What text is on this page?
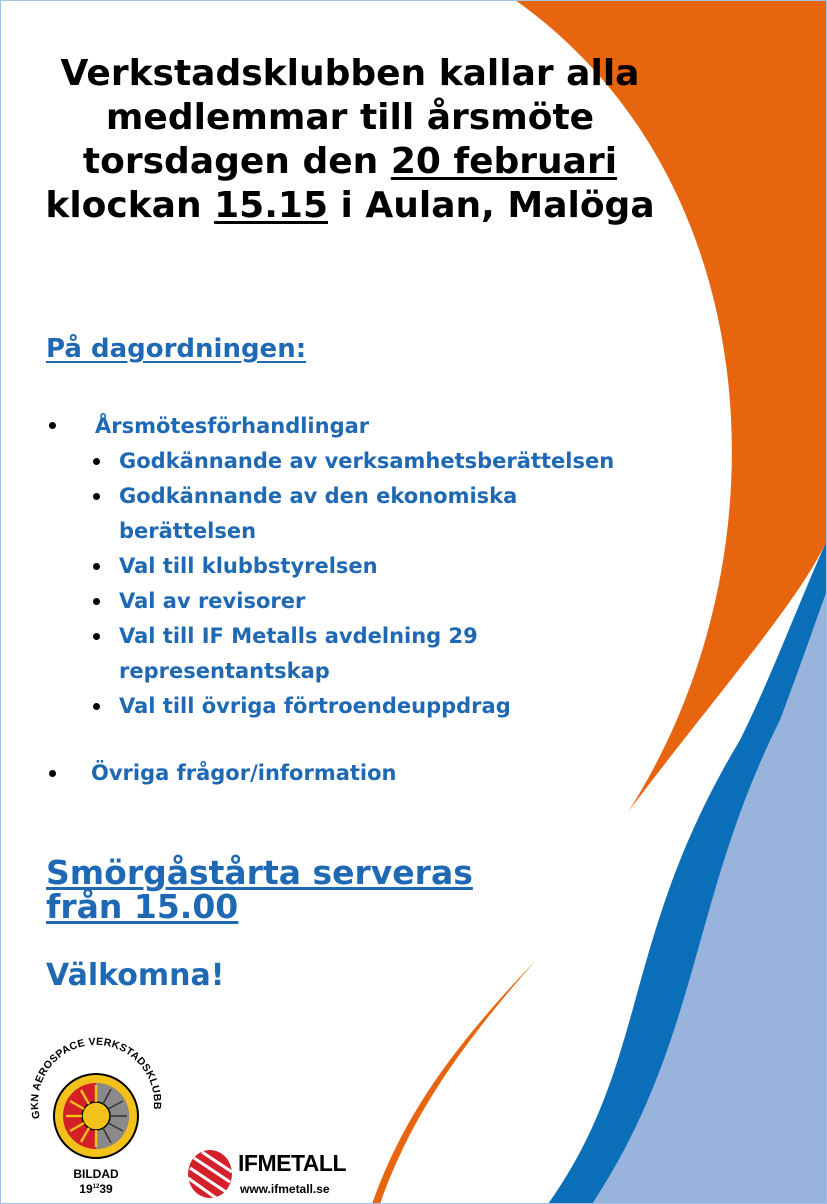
Verkstadsklubben kallar alla
medlemmar till årsmöte
torsdagen den 20 februari
klockan 15.15 i Aulan, Malöga
På dagordningen:
Årsmötesförhandlingar
Godkännande av verksamhetsberättelsen
Godkännande av den ekonomiska berättelsen
Val till klubbstyrelsen
Val av revisorer
Val till IF Metalls avdelning 29 representantskap
Val till övriga förtroendeuppdrag
Övriga frågor/information
Smörgåstårta serveras
från 15.00
Välkomna!
GKN AEROSPACE VERKSTADSKLUBB
BILDAD
$19^{12}39$
IFMETALL
www.ifmetall.se
